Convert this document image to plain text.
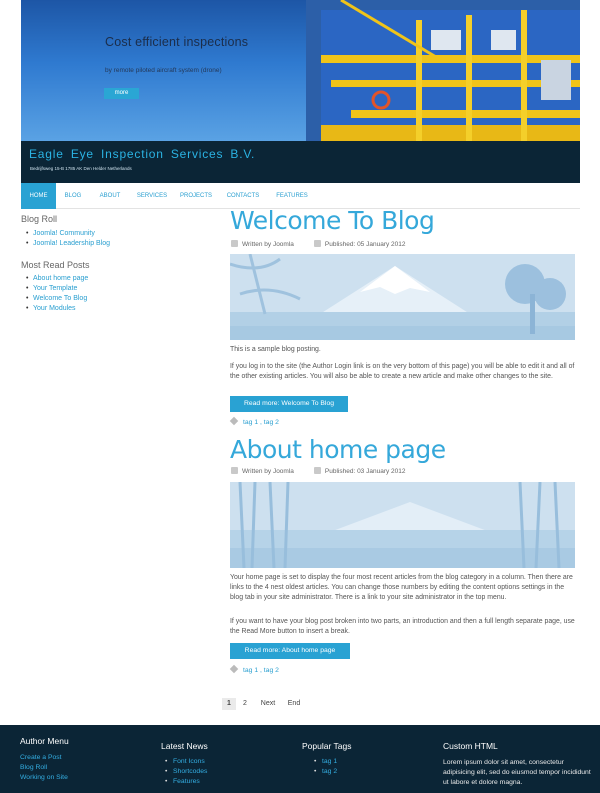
Cost efficient inspections
by remote piloted aircraft system (drone)
more
Eagle Eye Inspection Services B.V.
Bedrijfsweg 15-B 1785 AK Den Helder Netherlands
HOME	BLOG	ABOUT	SERVICES	PROJECTS	CONTACTS	FEATURES
Blog Roll
• Joomla! Community
• Joomla! Leadership Blog
Most Read Posts
• About home page
• Your Template
• Welcome To Blog
• Your Modules
Welcome To Blog
Written by Joomla	Published: 05 January 2012
This is a sample blog posting.
If you log in to the site (the Author Login link is on the very bottom of this page) you will be able to edit it and all of the other existing articles. You will also be able to create a new article and make other changes to the site.
Read more: Welcome To Blog
tag 1 , tag 2
About home page
Written by Joomla	Published: 03 January 2012
Your home page is set to display the four most recent articles from the blog category in a column. Then there are links to the 4 nest oldest articles. You can change those numbers by editing the content options settings in the blog tab in your site administrator. There is a link to your site administrator in the top menu.
If you want to have your blog post broken into two parts, an introduction and then a full length separate page, use the Read More button to insert a break.
Read more: About home page
tag 1 , tag 2
1	2	Next	End
Author Menu
Create a Post
Blog Roll
Working on Site
Latest News
• Font Icons
• Shortcodes
• Features
Popular Tags
• tag 1
• tag 2
Custom HTML
Lorem ipsum dolor sit amet, consectetur adipisicing elit, sed do eiusmod tempor incididunt ut labore et dolore magna.
